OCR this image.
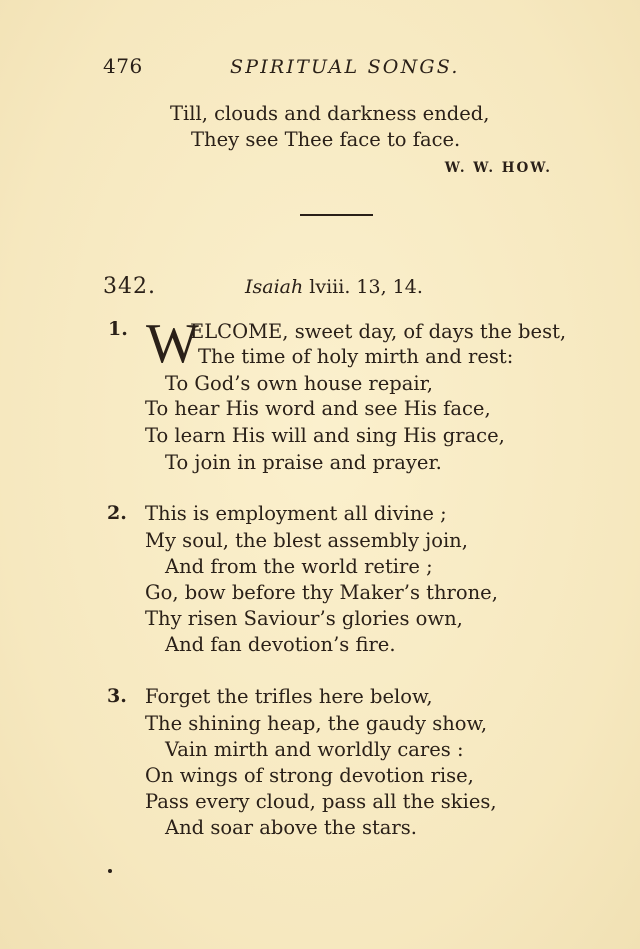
476	SPIRITUAL SONGS.
Till, clouds and darkness ended,
They see Thee face to face.
W. W. HOW.
342.	Isaiah lviii. 13, 14.
1. W
ELCOME, sweet day, of days the best,
The time of holy mirth and rest:
To God’s own house repair,
To hear His word and see His face,
To learn His will and sing His grace,
To join in praise and prayer.
2. This is employment all divine ;
My soul, the blest assembly join,
And from the world retire ;
Go, bow before thy Maker’s throne,
Thy risen Saviour’s glories own,
And fan devotion’s fire.
3. Forget the trifles here below,
The shining heap, the gaudy show,
Vain mirth and worldly cares :
On wings of strong devotion rise,
Pass every cloud, pass all the skies,
And soar above the stars.
